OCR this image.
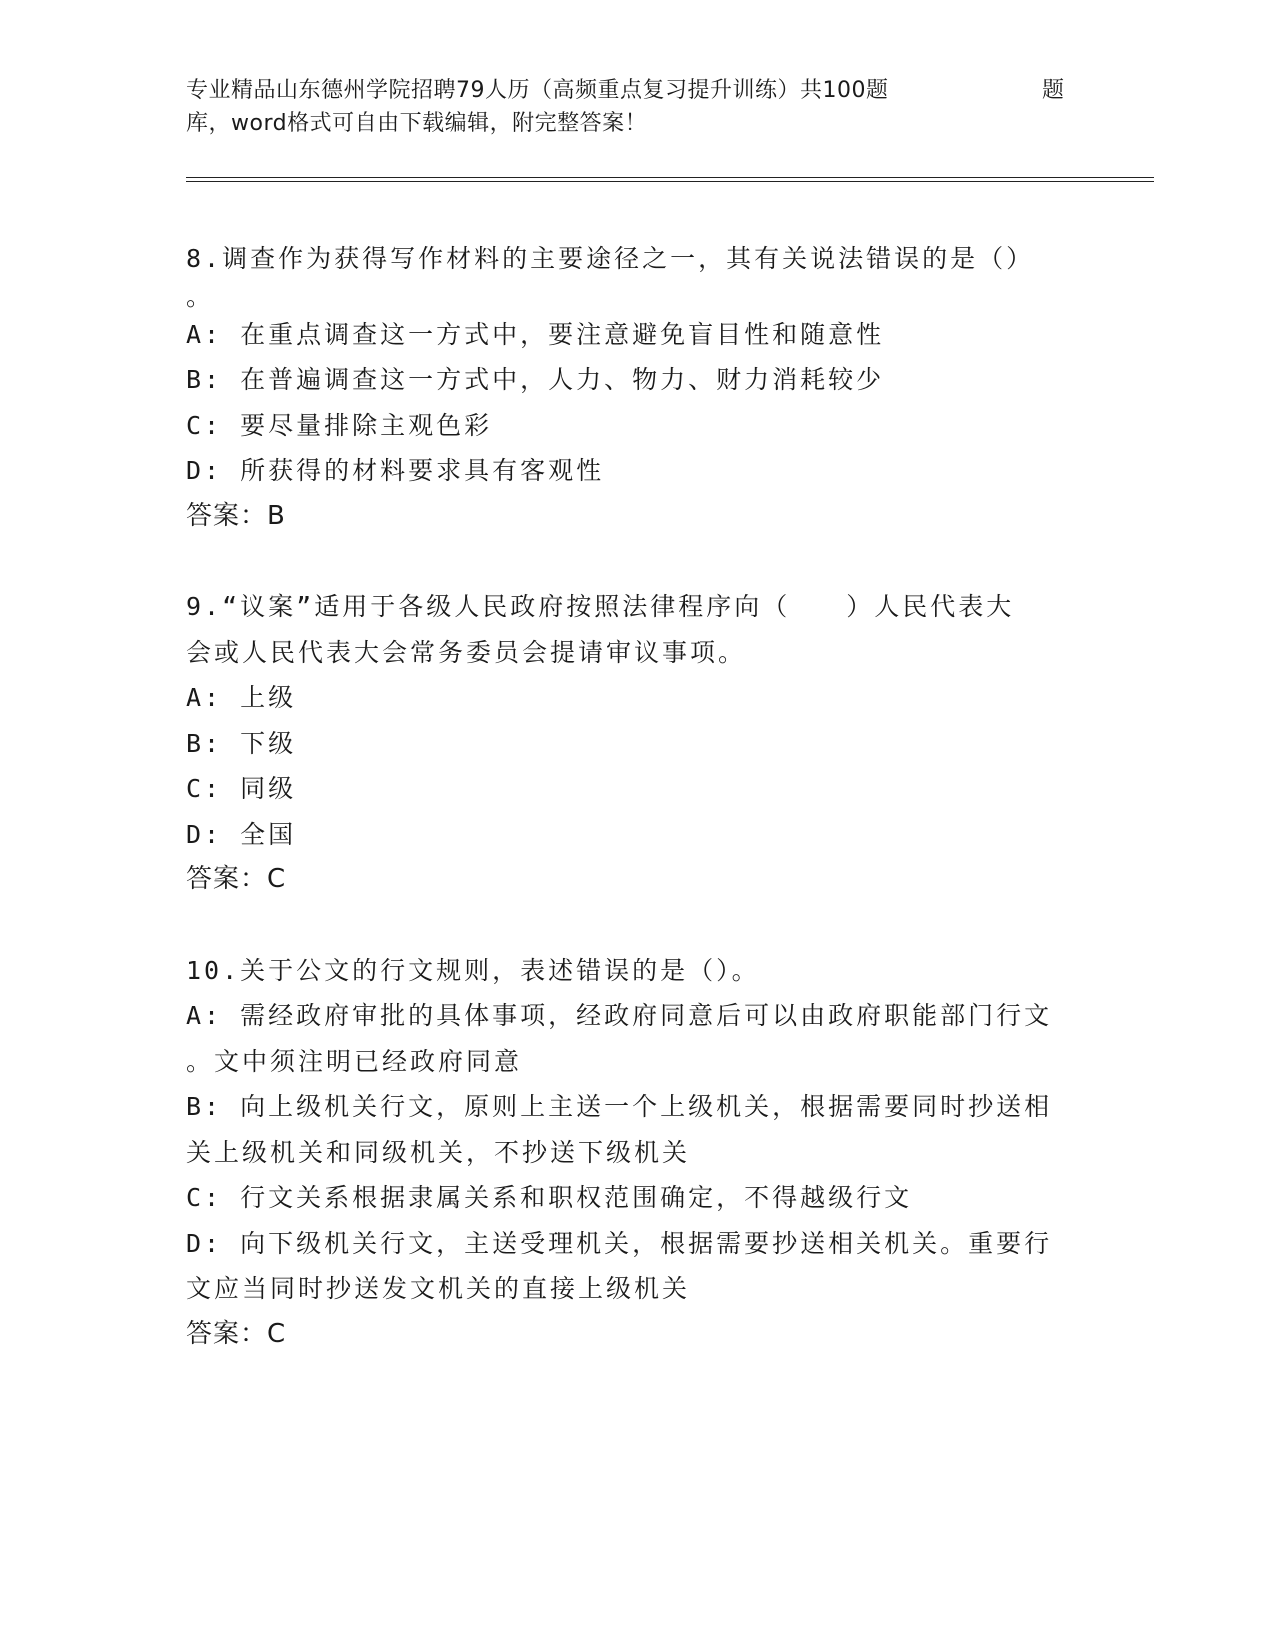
专业精品山东德州学院招聘79人历（高频重点复习提升训练）共100题	题
库，word格式可自由下载编辑，附完整答案！

8.调查作为获得写作材料的主要途径之一，其有关说法错误的是（）

。

A: 在重点调查这一方式中，要注意避免盲目性和随意性

B: 在普遍调查这一方式中，人力、物力、财力消耗较少

C: 要尽量排除主观色彩

D: 所获得的材料要求具有客观性

答案：B

9.“议案”适用于各级人民政府按照法律程序向（　　）人民代表大
会或人民代表大会常务委员会提请审议事项。

A: 上级

B: 下级

C: 同级

D: 全国

答案：C

10.关于公文的行文规则，表述错误的是（）。

A: 需经政府审批的具体事项，经政府同意后可以由政府职能部门行文 。文中须注明已经政府同意

B: 向上级机关行文，原则上主送一个上级机关，根据需要同时抄送相 关上级机关和同级机关，不抄送下级机关

C: 行文关系根据隶属关系和职权范围确定，不得越级行文

D: 向下级机关行文，主送受理机关，根据需要抄送相关机关。重要行 文应当同时抄送发文机关的直接上级机关

答案：C
